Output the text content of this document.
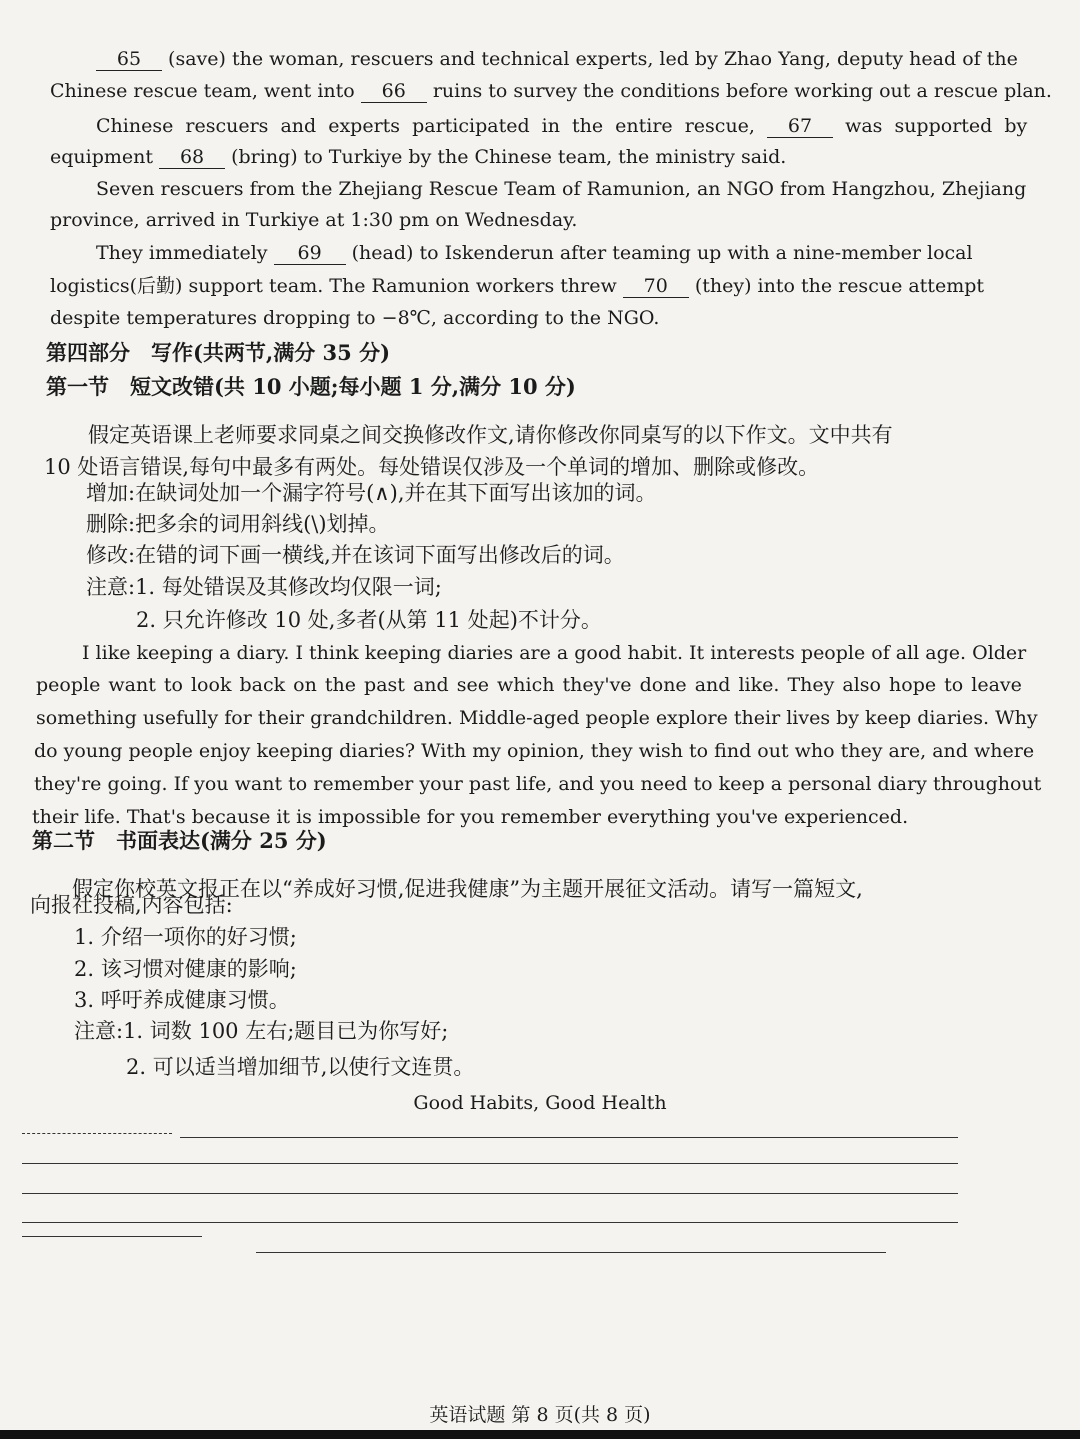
65 (save) the woman, rescuers and technical experts, led by Zhao Yang, deputy head of the
Chinese rescue team, went into 66 ruins to survey the conditions before working out a rescue plan.
Chinese rescuers and experts participated in the entire rescue, 67 was supported by
equipment 68 (bring) to Turkiye by the Chinese team, the ministry said.
Seven rescuers from the Zhejiang Rescue Team of Ramunion, an NGO from Hangzhou, Zhejiang
province, arrived in Turkiye at 1:30 pm on Wednesday.
They immediately 69 (head) to Iskenderun after teaming up with a nine-member local
logistics(后勤) support team. The Ramunion workers threw 70 (they) into the rescue attempt
despite temperatures dropping to −8℃, according to the NGO.
第四部分　写作(共两节,满分 35 分)
第一节　短文改错(共 10 小题;每小题 1 分,满分 10 分)
假定英语课上老师要求同桌之间交换修改作文,请你修改你同桌写的以下作文。文中共有
10 处语言错误,每句中最多有两处。每处错误仅涉及一个单词的增加、删除或修改。
增加:在缺词处加一个漏字符号(∧),并在其下面写出该加的词。
删除:把多余的词用斜线(\)划掉。
修改:在错的词下画一横线,并在该词下面写出修改后的词。
注意:1. 每处错误及其修改均仅限一词;
2. 只允许修改 10 处,多者(从第 11 处起)不计分。
I like keeping a diary. I think keeping diaries are a good habit. It interests people of all age. Older
people want to look back on the past and see which they've done and like. They also hope to leave
something usefully for their grandchildren. Middle-aged people explore their lives by keep diaries. Why
do young people enjoy keeping diaries? With my opinion, they wish to find out who they are, and where
they're going. If you want to remember your past life, and you need to keep a personal diary throughout
their life. That's because it is impossible for you remember everything you've experienced.
第二节　书面表达(满分 25 分)
假定你校英文报正在以“养成好习惯,促进我健康”为主题开展征文活动。请写一篇短文,
向报社投稿,内容包括:
1. 介绍一项你的好习惯;
2. 该习惯对健康的影响;
3. 呼吁养成健康习惯。
注意:1. 词数 100 左右;题目已为你写好;
2. 可以适当增加细节,以使行文连贯。
Good Habits, Good Health
英语试题 第 8 页(共 8 页)
